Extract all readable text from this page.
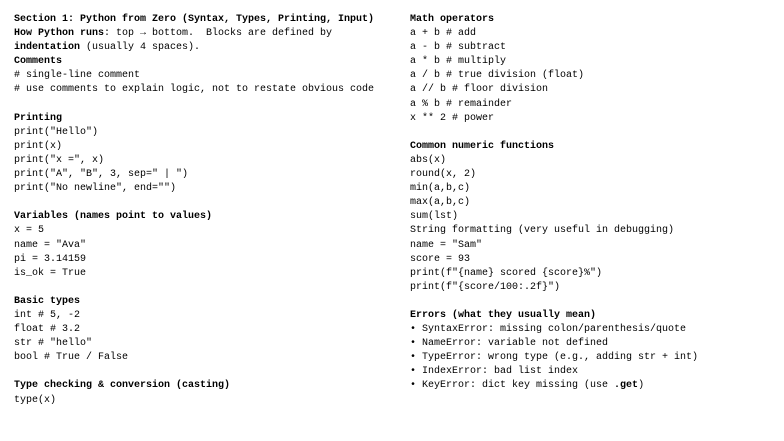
Section 1: Python from Zero (Syntax, Types, Printing, Input)
How Python runs: top → bottom.  Blocks are defined by indentation (usually 4 spaces).
Comments
# single-line comment
# use comments to explain logic, not to restate obvious code
Printing
print("Hello")
print(x)
print("x =", x)
print("A", "B", 3, sep=" | ")
print("No newline", end="")
Variables (names point to values)
x = 5
name = "Ava"
pi = 3.14159
is_ok = True
Basic types
int # 5, -2
float # 3.2
str # "hello"
bool # True / False
Type checking & conversion (casting)
type(x)
Math operators
a + b # add
a - b # subtract
a * b # multiply
a / b # true division (float)
a // b # floor division
a % b # remainder
x ** 2 # power
Common numeric functions
abs(x)
round(x, 2)
min(a,b,c)
max(a,b,c)
sum(lst)
String formatting (very useful in debugging)
name = "Sam"
score = 93
print(f"{name} scored {score}%")
print(f"{score/100:.2f}")
Errors (what they usually mean)
• SyntaxError: missing colon/parenthesis/quote
• NameError: variable not defined
• TypeError: wrong type (e.g., adding str + int)
• IndexError: bad list index
• KeyError: dict key missing (use .get)
